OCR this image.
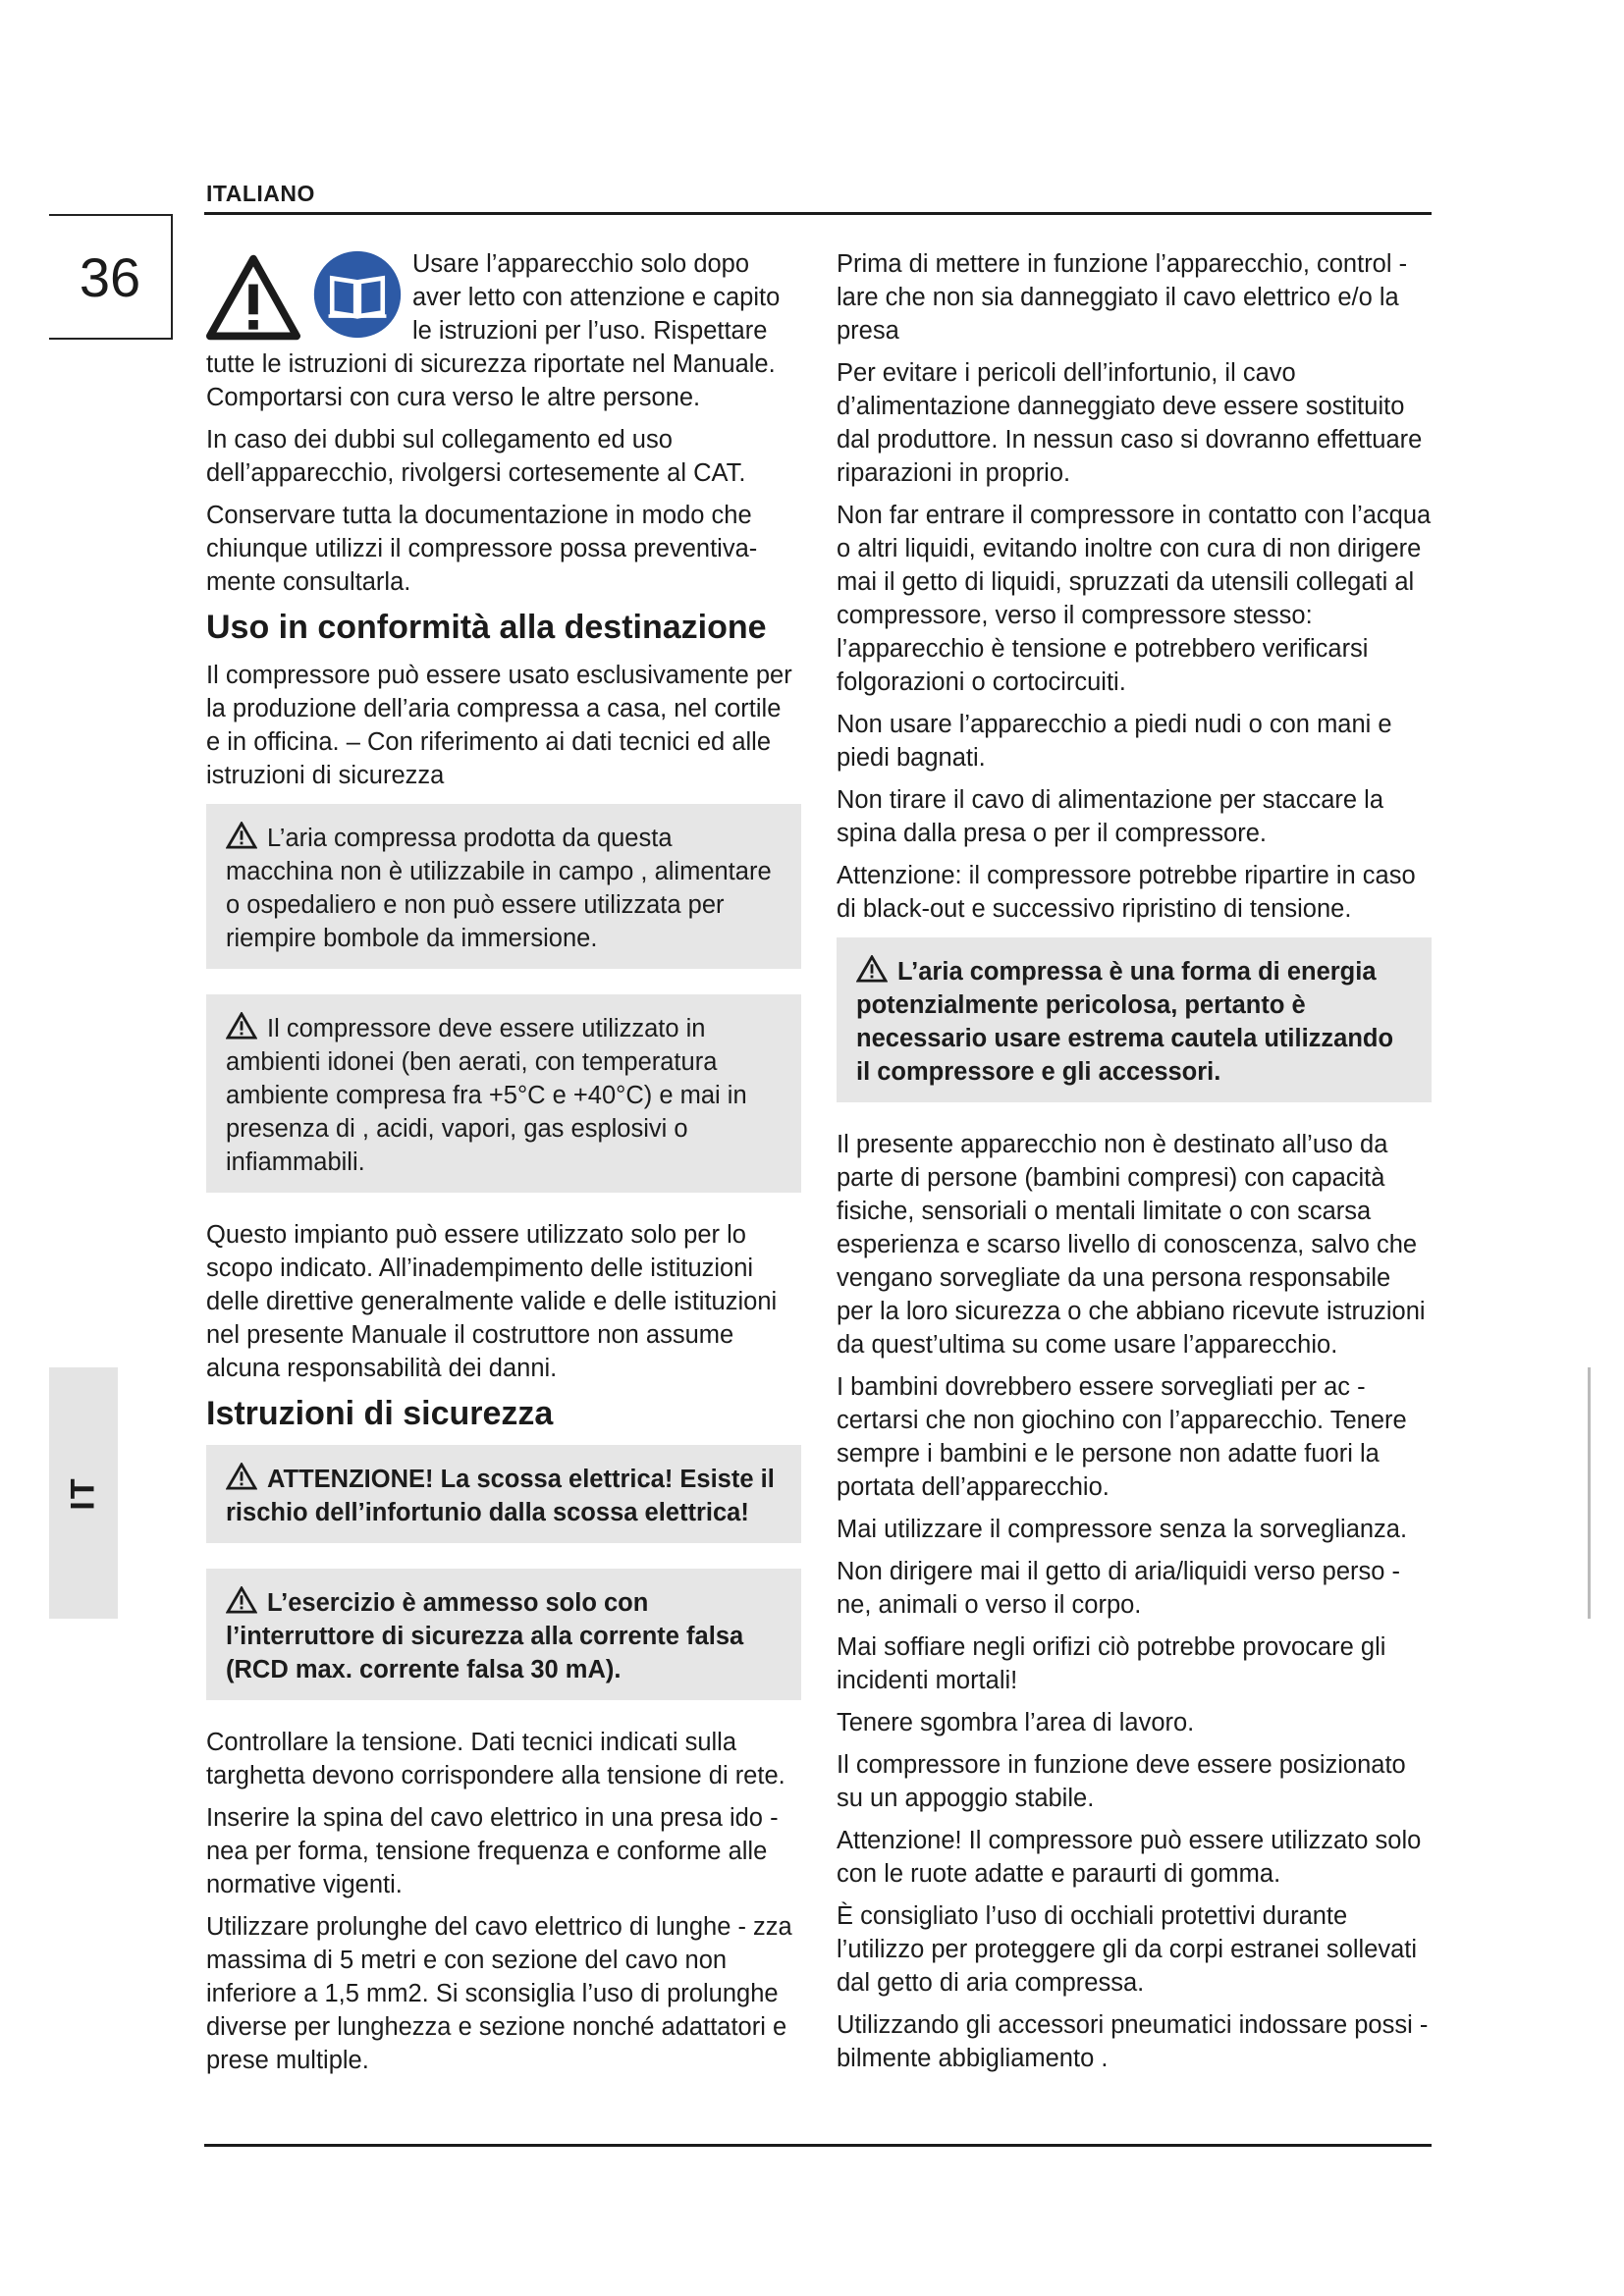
ITALIANO
36
IT

Usare l’apparecchio solo dopo
aver letto con attenzione e capito
le istruzioni per l’uso. Rispettare
tutte le istruzioni di sicurezza riportate nel Manuale. Comportarsi con cura verso le altre persone.

In caso dei dubbi sul collegamento ed uso dell’apparecchio, rivolgersi cortesemente al CAT.

Conservare tutta la documentazione in modo che chiunque utilizzi il compressore possa preventiva-mente consultarla.

Uso in conformità alla destinazione

Il compressore può essere usato esclusivamente per la produzione dell’aria compressa a casa, nel cortile e in officina. – Con riferimento ai dati tecnici ed alle istruzioni di sicurezza

L’aria compressa prodotta da questa macchina non è utilizzabile in campo , alimentare o ospedaliero e non può essere utilizzata per riempire bombole da immersione.

Il compressore deve essere utilizzato in ambienti idonei (ben aerati, con temperatura ambiente compresa fra +5°C e +40°C) e mai in presenza di , acidi, vapori, gas esplosivi o infiammabili.

Questo impianto può essere utilizzato solo per lo scopo indicato. All’inadempimento delle istituzioni delle direttive generalmente valide e delle istituzioni nel presente Manuale il costruttore non assume alcuna responsabilità dei danni.

Istruzioni di sicurezza

ATTENZIONE! La scossa elettrica! Esiste il rischio dell’infortunio dalla scossa elettrica!

L’esercizio è ammesso solo con l’interruttore di sicurezza alla corrente falsa (RCD max. corrente falsa 30 mA).

Controllare la tensione. Dati tecnici indicati sulla targhetta devono corrispondere alla tensione di rete.

Inserire la spina del cavo elettrico in una presa ido - nea per forma, tensione frequenza e conforme alle normative vigenti.

Utilizzare prolunghe del cavo elettrico di lunghe - zza massima di 5 metri e con sezione del cavo non inferiore a 1,5 mm2. Si sconsiglia l’uso di prolunghe diverse per lunghezza e sezione nonché adattatori e prese multiple.

Prima di mettere in funzione l’apparecchio, control - lare che non sia danneggiato il cavo elettrico e/o la presa

Per evitare i pericoli dell’infortunio, il cavo d’alimentazione danneggiato deve essere sostituito dal produttore. In nessun caso si dovranno effettuare riparazioni in proprio.

Non far entrare il compressore in contatto con l’acqua o altri liquidi, evitando inoltre con cura di non dirigere mai il getto di liquidi, spruzzati da utensili collegati al compressore, verso il compressore stesso: l’apparecchio è tensione e potrebbero verificarsi folgorazioni o cortocircuiti.

Non usare l’apparecchio a piedi nudi o con mani e piedi bagnati.

Non tirare il cavo di alimentazione per staccare la spina dalla presa o per il compressore.

Attenzione: il compressore potrebbe ripartire in caso di black-out e successivo ripristino di tensione.

L’aria compressa è una forma di energia potenzialmente pericolosa, pertanto è necessario usare estrema cautela utilizzando il compressore e gli accessori.

Il presente apparecchio non è destinato all’uso da parte di persone (bambini compresi) con capacità fisiche, sensoriali o mentali limitate o con scarsa esperienza e scarso livello di conoscenza, salvo che vengano sorvegliate da una persona responsabile per la loro sicurezza o che abbiano ricevute istruzioni da quest’ultima su come usare l’apparecchio.

I bambini dovrebbero essere sorvegliati per ac - certarsi che non giochino con l’apparecchio. Tenere sempre i bambini e le persone non adatte fuori la portata dell’apparecchio.

Mai utilizzare il compressore senza la sorveglianza.

Non dirigere mai il getto di aria/liquidi verso perso - ne, animali o verso il corpo.

Mai soffiare negli orifizi ciò potrebbe provocare gli incidenti mortali!

Tenere sgombra l’area di lavoro.

Il compressore in funzione deve essere posizionato su un appoggio stabile.

Attenzione! Il compressore può essere utilizzato solo con le ruote adatte e paraurti di gomma.

È consigliato l’uso di occhiali protettivi durante l’utilizzo per proteggere gli da corpi estranei sollevati dal getto di aria compressa.

Utilizzando gli accessori pneumatici indossare possi - bilmente abbigliamento .
